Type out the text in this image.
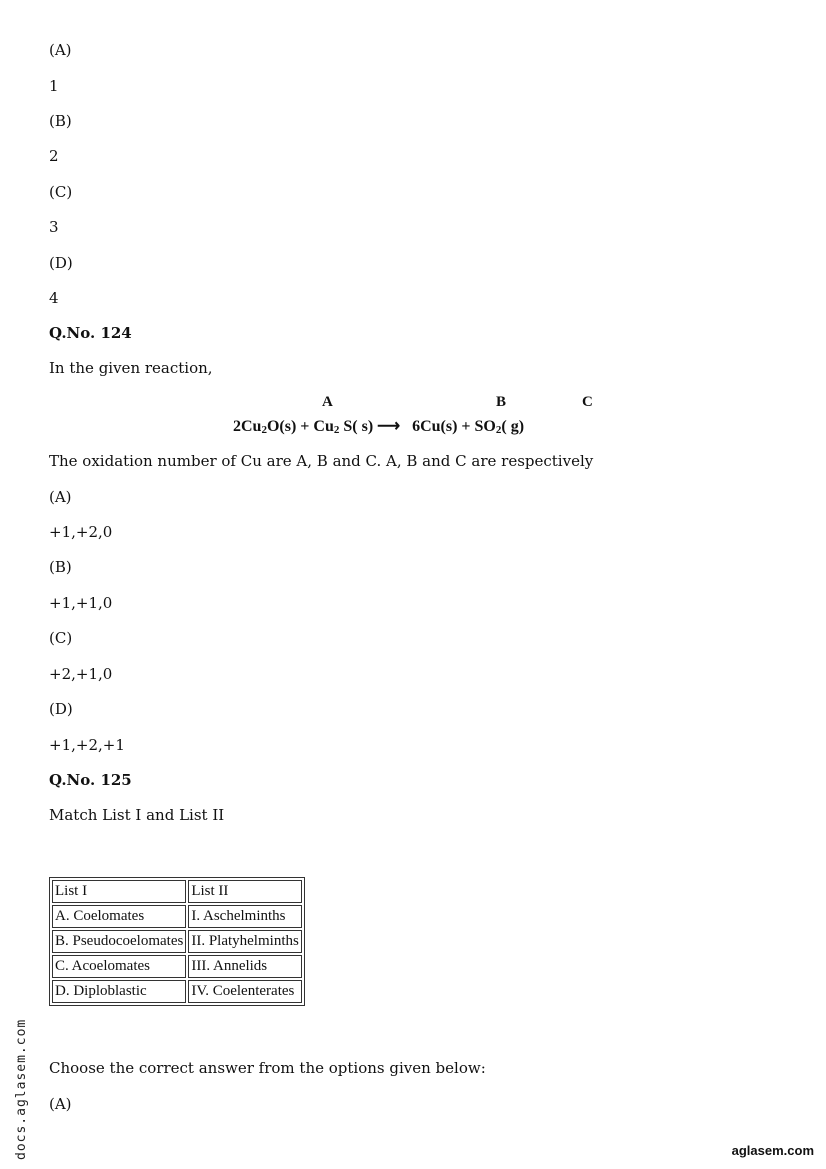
(A)
1
(B)
2
(C)
3
(D)
4
Q.No. 124
In the given reaction,
A	B	C
$2Cu_2O(s) + Cu_2$ S( s) ⟶   $6Cu(s) + SO_2$( g)
The oxidation number of Cu are A, B and C. A, B and C are respectively
(A)
+1,+2,0
(B)
+1,+1,0
(C)
+2,+1,0
(D)
+1,+2,+1
Q.No. 125
Match List I and List II
List I	List II
A. Coelomates	I. Aschelminths
B. Pseudocoelomates	II. Platyhelminths
C. Acoelomates	III. Annelids
D. Diploblastic	IV. Coelenterates
Choose the correct answer from the options given below:
(A)
docs.aglasem.com	aglasem.com
